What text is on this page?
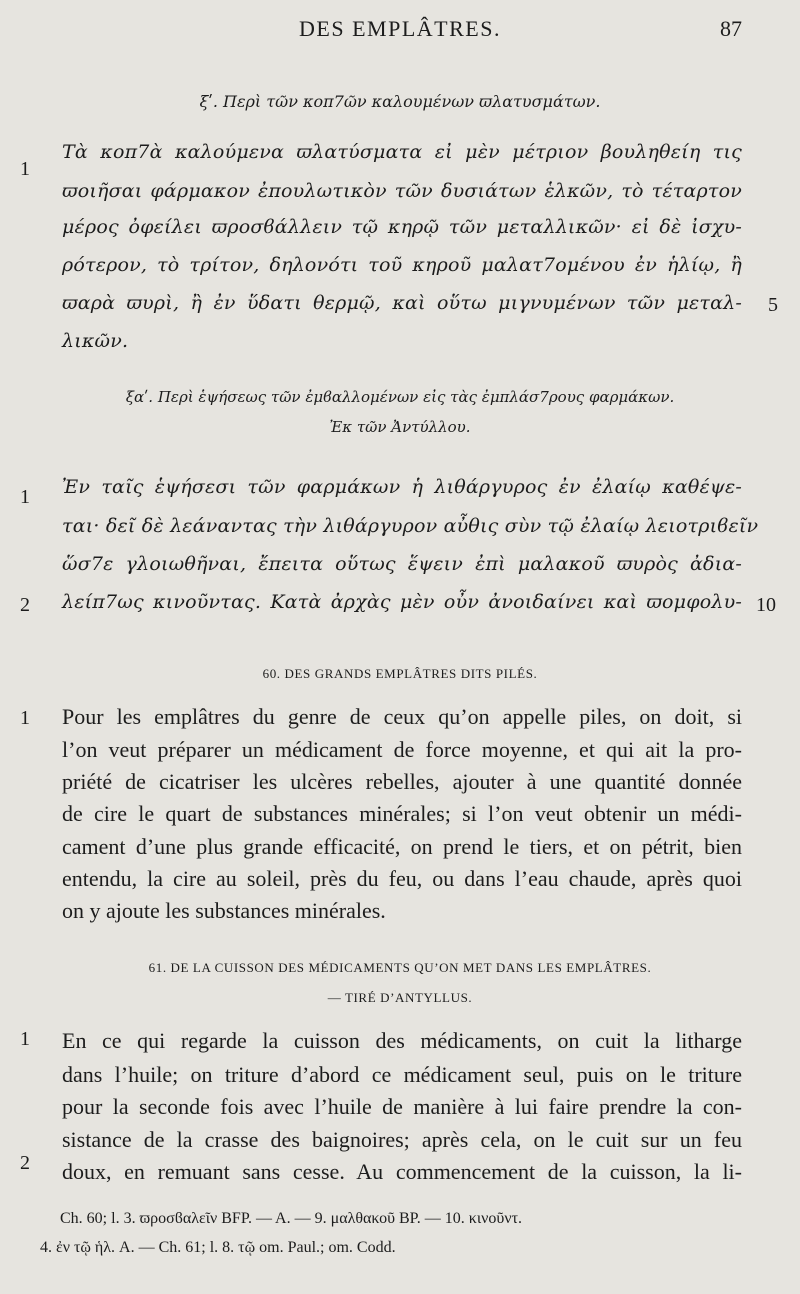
DES EMPLÂTRES.	87
ξʹ. Περὶ τῶν κοπ7ῶν καλουμένων ϖλατυσμάτων.
1
Τὰ κοπ7ὰ καλούμενα ϖλατύσματα εἰ μὲν μέτριον βουληθείη τις
ϖοιῆσαι φάρμακον ἐπουλωτικὸν τῶν δυσιάτων ἑλκῶν, τὸ τέταρτον
μέρος ὀφείλει ϖροσϐάλλειν τῷ κηρῷ τῶν μεταλλικῶν· εἰ δὲ ἰσχυ-
ρότερον, τὸ τρίτον, δηλονότι τοῦ κηροῦ μαλατ7ομένου ἐν ἡλίῳ, ἢ
ϖαρὰ ϖυρὶ, ἢ ἐν ὕδατι θερμῷ, καὶ οὕτω μιγνυμένων τῶν μεταλ- 5
λικῶν.
ξαʹ. Περὶ ἑψήσεως τῶν ἐμϐαλλομένων εἰς τὰς ἐμπλάσ7ρους φαρμάκων.
Ἐκ τῶν Ἀντύλλου.
1 Ἐν ταῖς ἑψήσεσι τῶν φαρμάκων ἡ λιθάργυρος ἐν ἐλαίῳ καθέψε-
ται· δεῖ δὲ λεάναντας τὴν λιθάργυρον αὖθις σὺν τῷ ἐλαίῳ λειοτριϐεῖν
ὥσ7ε γλοιωθῆναι, ἔπειτα οὕτως ἕψειν ἐπὶ μαλακοῦ ϖυρὸς ἀδια-
2 λείπ7ως κινοῦντας. Κατὰ ἀρχὰς μὲν οὖν ἀνοιδαίνει καὶ ϖομφολυ- 10
60. DES GRANDS EMPLÂTRES DITS PILÉS.
1 Pour les emplâtres du genre de ceux qu’on appelle piles, on doit, si
l’on veut préparer un médicament de force moyenne, et qui ait la pro-
priété de cicatriser les ulcères rebelles, ajouter à une quantité donnée
de cire le quart de substances minérales; si l’on veut obtenir un médi-
cament d’une plus grande efficacité, on prend le tiers, et on pétrit, bien
entendu, la cire au soleil, près du feu, ou dans l’eau chaude, après quoi
on y ajoute les substances minérales.
61. DE LA CUISSON DES MÉDICAMENTS QU’ON MET DANS LES EMPLÂTRES.
— TIRÉ D’ANTYLLUS.
1 En ce qui regarde la cuisson des médicaments, on cuit la litharge
dans l’huile; on triture d’abord ce médicament seul, puis on le triture
pour la seconde fois avec l’huile de manière à lui faire prendre la con-
sistance de la crasse des baignoires; après cela, on le cuit sur un feu
2 doux, en remuant sans cesse. Au commencement de la cuisson, la li-
Ch. 60; l. 3. ϖροσϐαλεῖν BFP. — A. — 9. μαλθακοῦ BP. — 10. κινοῦντ.
4. ἐν τῷ ἡλ. A. — Ch. 61; l. 8. τῷ om. Paul.; om. Codd.
